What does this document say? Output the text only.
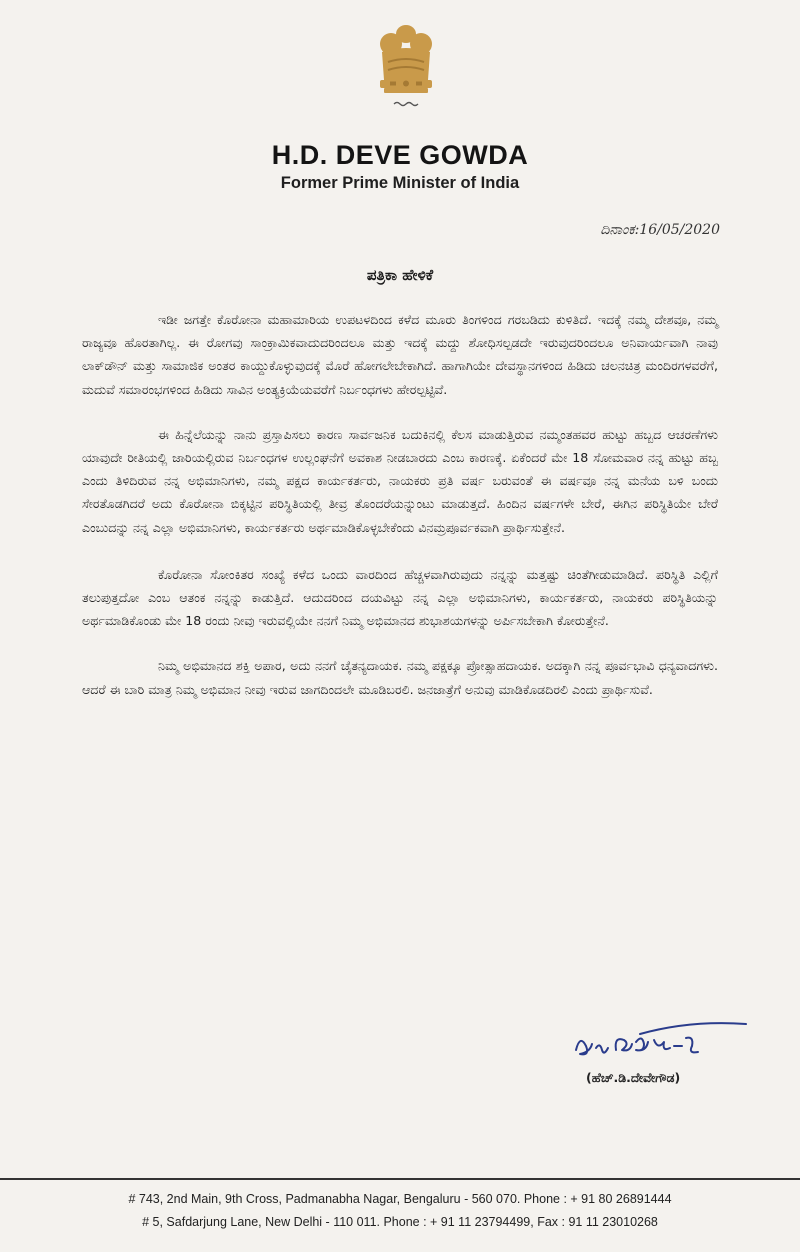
H.D. DEVE GOWDA
Former Prime Minister of India
ದಿನಾಂಕ:16/05/2020
ಪತ್ರಿಕಾ ಹೇಳಿಕೆ

ಇಡೀ ಜಗತ್ತೇ ಕೊರೋನಾ ಮಹಾಮಾರಿಯ ಉಪಟಳದಿಂದ ಕಳೆದ ಮೂರು ತಿಂಗಳಿಂದ ಗರಬಡಿದು ಕುಳಿತಿದೆ. ಇದಕ್ಕೆ ನಮ್ಮ ದೇಶವೂ, ನಮ್ಮ ರಾಜ್ಯವೂ ಹೊರತಾಗಿಲ್ಲ. ಈ ರೋಗವು ಸಾಂಕ್ರಾಮಿಕವಾದುದರಿಂದಲೂ ಮತ್ತು ಇದಕ್ಕೆ ಮದ್ದು ಶೋಧಿಸಲ್ಪಡದೇ ಇರುವುದರಿಂದಲೂ ಅನಿವಾರ್ಯವಾಗಿ ನಾವು ಲಾಕ್‌ಡೌನ್ ಮತ್ತು ಸಾಮಾಜಿಕ ಅಂತರ ಕಾಯ್ದುಕೊಳ್ಳುವುದಕ್ಕೆ ಮೊರೆ ಹೋಗಲೇಬೇಕಾಗಿದೆ. ಹಾಗಾಗಿಯೇ ದೇವಸ್ಥಾನಗಳಿಂದ ಹಿಡಿದು ಚಲನಚಿತ್ರ ಮಂದಿರಗಳವರೆಗೆ, ಮದುವೆ ಸಮಾರಂಭಗಳಿಂದ ಹಿಡಿದು ಸಾವಿನ ಅಂತ್ಯಕ್ರಿಯೆಯವರೆಗೆ ನಿರ್ಬಂಧಗಳು ಹೇರಲ್ಪಟ್ಟಿವೆ.

ಈ ಹಿನ್ನೆಲೆಯನ್ನು ನಾನು ಪ್ರಸ್ತಾಪಿಸಲು ಕಾರಣ ಸಾರ್ವಜನಿಕ ಬದುಕಿನಲ್ಲಿ ಕೆಲಸ ಮಾಡುತ್ತಿರುವ ನಮ್ಮಂತಹವರ ಹುಟ್ಟು ಹಬ್ಬದ ಆಚರಣೆಗಳು ಯಾವುದೇ ರೀತಿಯಲ್ಲಿ ಜಾರಿಯಲ್ಲಿರುವ ನಿರ್ಬಂಧಗಳ ಉಲ್ಲಂಘನೆಗೆ ಅವಕಾಶ ನೀಡಬಾರದು ಎಂಬ ಕಾರಣಕ್ಕೆ. ಏಕೆಂದರೆ ಮೇ 18 ಸೋಮವಾರ ನನ್ನ ಹುಟ್ಟು ಹಬ್ಬ ಎಂದು ತಿಳಿದಿರುವ ನನ್ನ ಅಭಿಮಾನಿಗಳು, ನಮ್ಮ ಪಕ್ಷದ ಕಾರ್ಯಕರ್ತರು, ನಾಯಕರು ಪ್ರತಿ ವರ್ಷ ಬರುವಂತೆ ಈ ವರ್ಷವೂ ನನ್ನ ಮನೆಯ ಬಳಿ ಬಂದು ಸೇರತೊಡಗಿದರೆ ಅದು ಕೊರೋನಾ ಬಿಕ್ಕಟ್ಟಿನ ಪರಿಸ್ಥಿತಿಯಲ್ಲಿ ತೀವ್ರ ತೊಂದರೆಯನ್ನುಂಟು ಮಾಡುತ್ತದೆ. ಹಿಂದಿನ ವರ್ಷಗಳೇ ಬೇರೆ, ಈಗಿನ ಪರಿಸ್ಥಿತಿಯೇ ಬೇರೆ ಎಂಬುದನ್ನು ನನ್ನ ಎಲ್ಲಾ ಅಭಿಮಾನಿಗಳು, ಕಾರ್ಯಕರ್ತರು ಅರ್ಥಮಾಡಿಕೊಳ್ಳಬೇಕೆಂದು ವಿನಮ್ರಪೂರ್ವಕವಾಗಿ ಪ್ರಾರ್ಥಿಸುತ್ತೇನೆ.

ಕೊರೋನಾ ಸೋಂಕಿತರ ಸಂಖ್ಯೆ ಕಳೆದ ಒಂದು ವಾರದಿಂದ ಹೆಚ್ಚಳವಾಗಿರುವುದು ನನ್ನನ್ನು ಮತ್ತಷ್ಟು ಚಿಂತೆಗೀಡುಮಾಡಿದೆ. ಪರಿಸ್ಥಿತಿ ಎಲ್ಲಿಗೆ ತಲುಪುತ್ತದೋ ಎಂಬ ಆತಂಕ ನನ್ನನ್ನು ಕಾಡುತ್ತಿದೆ. ಆದುದರಿಂದ ದಯವಿಟ್ಟು ನನ್ನ ಎಲ್ಲಾ ಅಭಿಮಾನಿಗಳು, ಕಾರ್ಯಕರ್ತರು, ನಾಯಕರು ಪರಿಸ್ಥಿತಿಯನ್ನು ಅರ್ಥಮಾಡಿಕೊಂಡು ಮೇ 18 ರಂದು ನೀವು ಇರುವಲ್ಲಿಯೇ ನನಗೆ ನಿಮ್ಮ ಅಭಿಮಾನದ ಶುಭಾಶಯಗಳನ್ನು ಅರ್ಪಿಸಬೇಕಾಗಿ ಕೋರುತ್ತೇನೆ.

ನಿಮ್ಮ ಅಭಿಮಾನದ ಶಕ್ತಿ ಅಪಾರ, ಅದು ನನಗೆ ಚೈತನ್ಯದಾಯಕ. ನಮ್ಮ ಪಕ್ಷಕ್ಕೂ ಪ್ರೋತ್ಸಾಹದಾಯಕ. ಅದಕ್ಕಾಗಿ ನನ್ನ ಪೂರ್ವಭಾವಿ ಧನ್ಯವಾದಗಳು. ಆದರೆ ಈ ಬಾರಿ ಮಾತ್ರ ನಿಮ್ಮ ಅಭಿಮಾನ ನೀವು ಇರುವ ಜಾಗದಿಂದಲೇ ಮೂಡಿಬರಲಿ. ಜನಜಾತ್ರೆಗೆ ಅನುವು ಮಾಡಿಕೊಡದಿರಲಿ ಎಂದು ಪ್ರಾರ್ಥಿಸುವೆ.

(ಹೆಚ್.ಡಿ.ದೇವೇಗೌಡ)
# 743, 2nd Main, 9th Cross, Padmanabha Nagar, Bengaluru - 560 070. Phone : + 91 80 26891444
# 5, Safdarjung Lane, New Delhi - 110 011. Phone : + 91 11 23794499, Fax : 91 11 23010268
